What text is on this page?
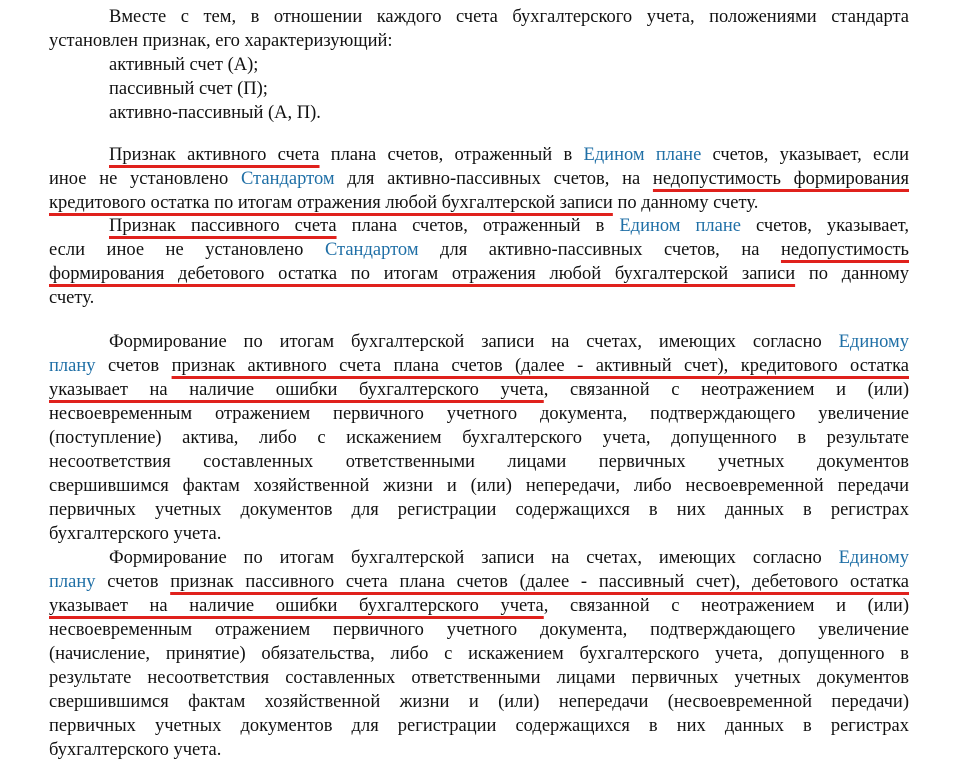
Вместе с тем, в отношении каждого счета бухгалтерского учета, положениями стандарта
установлен признак, его характеризующий:
активный счет (А);
пассивный счет (П);
активно-пассивный (А, П).
Признак активного счета плана счетов, отраженный в Едином плане счетов, указывает, если
иное не установлено Стандартом для активно-пассивных счетов, на недопустимость формирования
кредитового остатка по итогам отражения любой бухгалтерской записи по данному счету.
Признак пассивного счета плана счетов, отраженный в Едином плане счетов, указывает,
если иное не установлено Стандартом для активно-пассивных счетов, на недопустимость
формирования дебетового остатка по итогам отражения любой бухгалтерской записи по данному
счету.
Формирование по итогам бухгалтерской записи на счетах, имеющих согласно Единому
плану счетов признак активного счета плана счетов (далее - активный счет), кредитового остатка
указывает на наличие ошибки бухгалтерского учета, связанной с неотражением и (или)
несвоевременным отражением первичного учетного документа, подтверждающего увеличение
(поступление) актива, либо с искажением бухгалтерского учета, допущенного в результате
несоответствия составленных ответственными лицами первичных учетных документов
свершившимся фактам хозяйственной жизни и (или) непередачи, либо несвоевременной передачи
первичных учетных документов для регистрации содержащихся в них данных в регистрах
бухгалтерского учета.
Формирование по итогам бухгалтерской записи на счетах, имеющих согласно Единому
плану счетов признак пассивного счета плана счетов (далее - пассивный счет), дебетового остатка
указывает на наличие ошибки бухгалтерского учета, связанной с неотражением и (или)
несвоевременным отражением первичного учетного документа, подтверждающего увеличение
(начисление, принятие) обязательства, либо с искажением бухгалтерского учета, допущенного в
результате несоответствия составленных ответственными лицами первичных учетных документов
свершившимся фактам хозяйственной жизни и (или) непередачи (несвоевременной передачи)
первичных учетных документов для регистрации содержащихся в них данных в регистрах
бухгалтерского учета.
